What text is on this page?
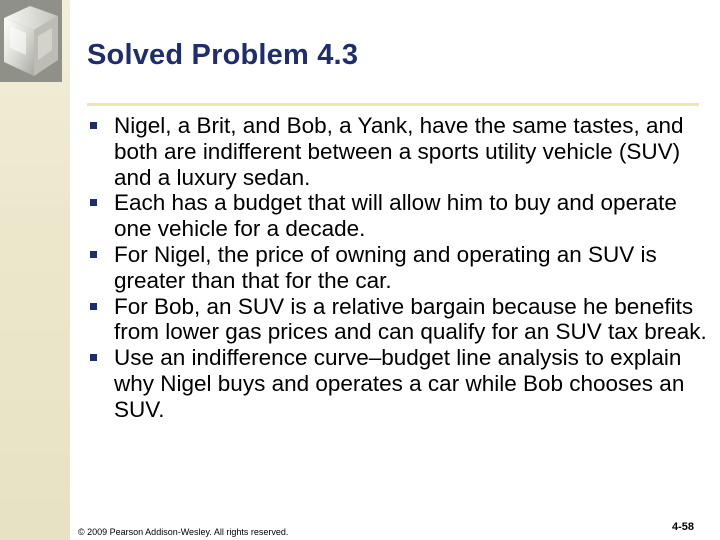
Solved Problem 4.3
Nigel, a Brit, and Bob, a Yank, have the same tastes, and both are indifferent between a sports utility vehicle (SUV) and a luxury sedan.
Each has a budget that will allow him to buy and operate one vehicle for a decade.
For Nigel, the price of owning and operating an SUV is greater than that for the car.
For Bob, an SUV is a relative bargain because he benefits from lower gas prices and can qualify for an SUV tax break.
Use an indifference curve–budget line analysis to explain why Nigel buys and operates a car while Bob chooses an SUV.
© 2009 Pearson Addison-Wesley. All rights reserved.	4-58
